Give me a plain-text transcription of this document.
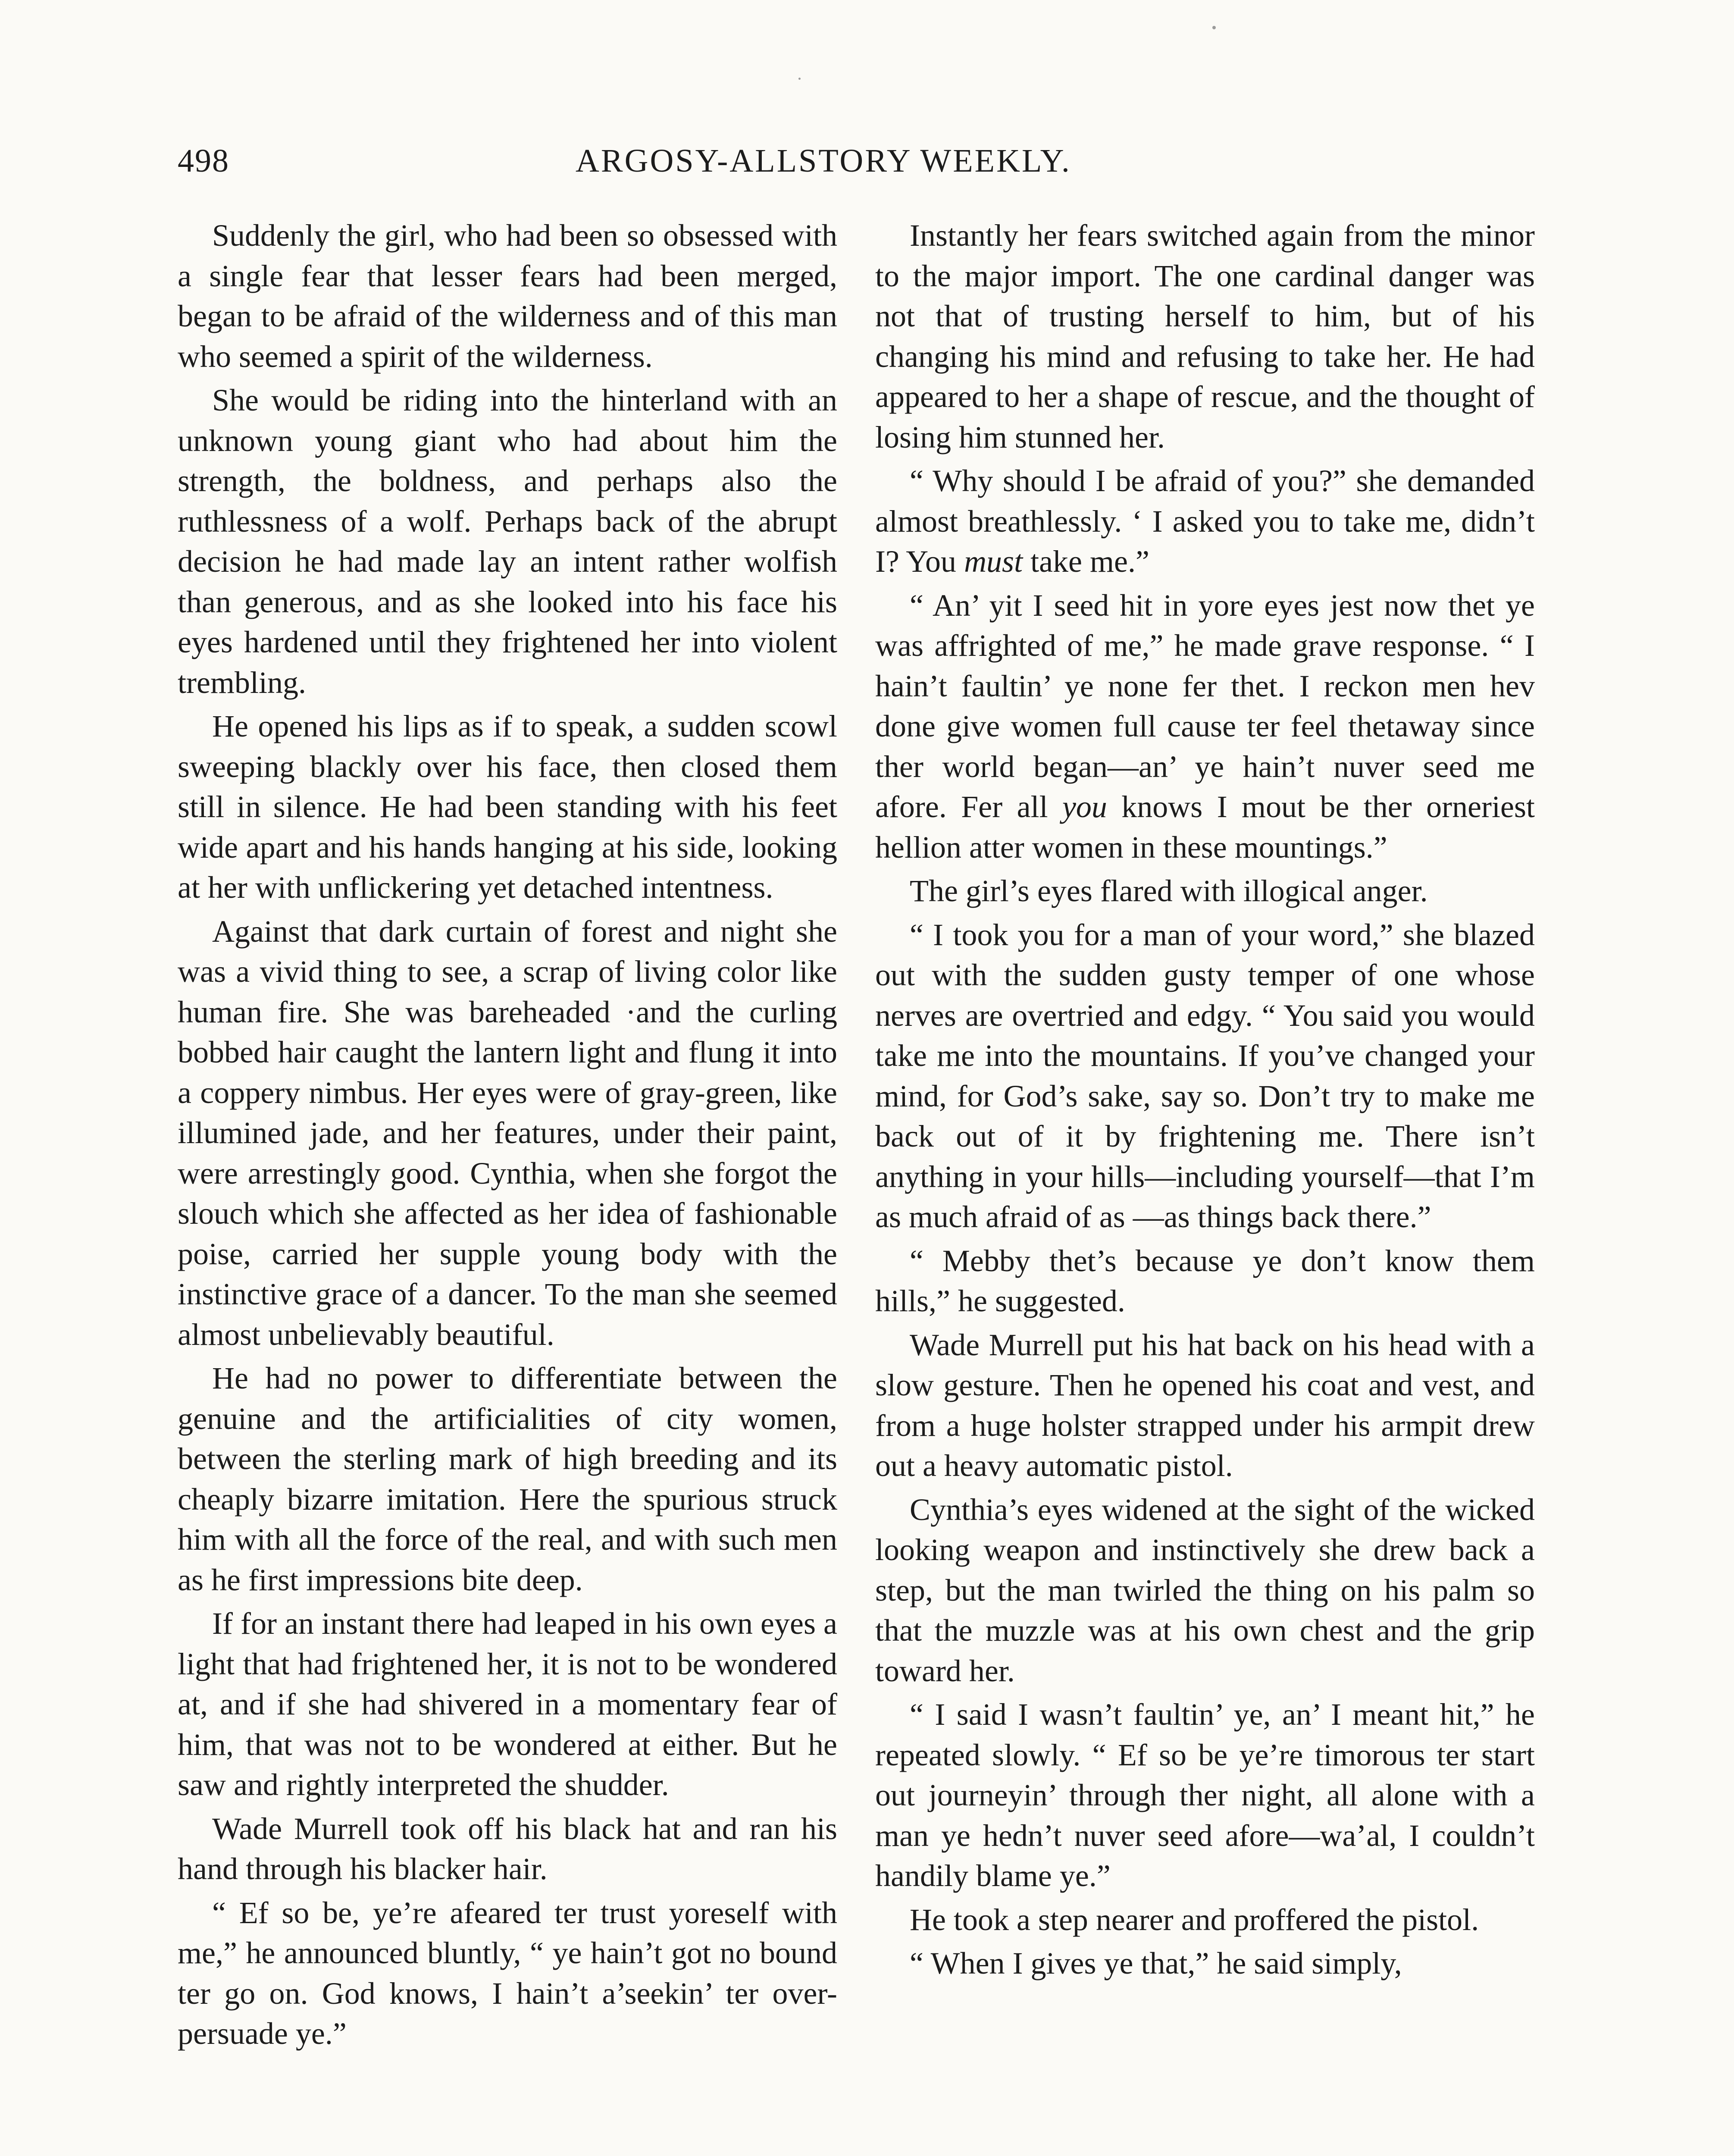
498	ARGOSY-ALLSTORY WEEKLY.

Suddenly the girl, who had been so obsessed with a single fear that lesser fears had been merged, began to be afraid of the wilderness and of this man who seemed a spirit of the wilderness.

She would be riding into the hinterland with an unknown young giant who had about him the strength, the boldness, and perhaps also the ruthlessness of a wolf. Perhaps back of the abrupt decision he had made lay an intent rather wolfish than generous, and as she looked into his face his eyes hardened until they frightened her into violent trembling.

He opened his lips as if to speak, a sudden scowl sweeping blackly over his face, then closed them still in silence. He had been standing with his feet wide apart and his hands hanging at his side, looking at her with unflickering yet detached intentness.

Against that dark curtain of forest and night she was a vivid thing to see, a scrap of living color like human fire. She was bareheaded ·and the curling bobbed hair caught the lantern light and flung it into a coppery nimbus. Her eyes were of gray-green, like illumined jade, and her features, under their paint, were arrestingly good. Cynthia, when she forgot the slouch which she affected as her idea of fashionable poise, carried her supple young body with the instinctive grace of a dancer. To the man she seemed almost unbelievably beautiful.

He had no power to differentiate between the genuine and the artificialities of city women, between the sterling mark of high breeding and its cheaply bizarre imitation. Here the spurious struck him with all the force of the real, and with such men as he first impressions bite deep.

If for an instant there had leaped in his own eyes a light that had frightened her, it is not to be wondered at, and if she had shivered in a momentary fear of him, that was not to be wondered at either. But he saw and rightly interpreted the shudder.

Wade Murrell took off his black hat and ran his hand through his blacker hair.

“ Ef so be, ye’re afeared ter trust yoreself with me,” he announced bluntly, “ ye hain’t got no bound ter go on. God knows, I hain’t a’seekin’ ter over-persuade ye.”

Instantly her fears switched again from the minor to the major import. The one cardinal danger was not that of trusting herself to him, but of his changing his mind and refusing to take her. He had appeared to her a shape of rescue, and the thought of losing him stunned her.

“ Why should I be afraid of you?” she demanded almost breathlessly. ‘ I asked you to take me, didn’t I? You must take me.”

“ An’ yit I seed hit in yore eyes jest now thet ye was affrighted of me,” he made grave response. “ I hain’t faultin’ ye none fer thet. I reckon men hev done give women full cause ter feel thetaway since ther world began—an’ ye hain’t nuver seed me afore. Fer all you knows I mout be ther orneriest hellion atter women in these mountings.”

The girl’s eyes flared with illogical anger.

“ I took you for a man of your word,” she blazed out with the sudden gusty temper of one whose nerves are overtried and edgy. “ You said you would take me into the mountains. If you’ve changed your mind, for God’s sake, say so. Don’t try to make me back out of it by frightening me. There isn’t anything in your hills—including yourself—that I’m as much afraid of as —as things back there.”

“ Mebby thet’s because ye don’t know them hills,” he suggested.

Wade Murrell put his hat back on his head with a slow gesture. Then he opened his coat and vest, and from a huge holster strapped under his armpit drew out a heavy automatic pistol.

Cynthia’s eyes widened at the sight of the wicked looking weapon and instinctively she drew back a step, but the man twirled the thing on his palm so that the muzzle was at his own chest and the grip toward her.

“ I said I wasn’t faultin’ ye, an’ I meant hit,” he repeated slowly. “ Ef so be ye’re timorous ter start out journeyin’ through ther night, all alone with a man ye hedn’t nuver seed afore—wa’al, I couldn’t handily blame ye.”

He took a step nearer and proffered the pistol.

“ When I gives ye that,” he said simply,
